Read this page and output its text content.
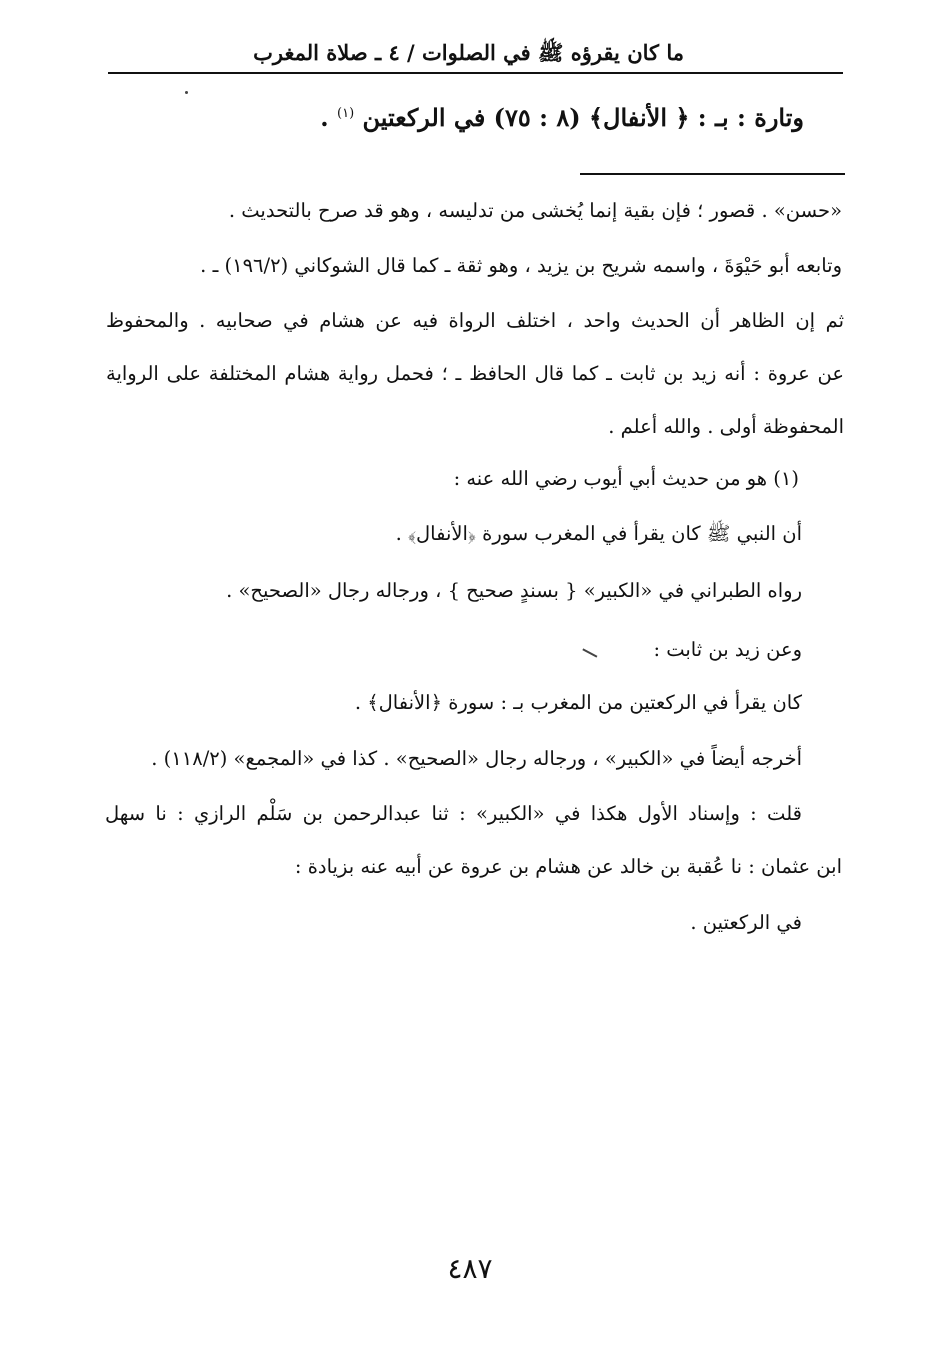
ما كان يقرؤه ﷺ في الصلوات / ٤ ـ صلاة المغرب
وتارة : بـ : ﴿ الأنفال﴾ (٨ : ٧٥) في الركعتين $^{(١)}$ .
«حسن» . قصور ؛ فإن بقية إنما يُخشى من تدليسه ، وهو قد صرح بالتحديث .
وتابعه أبو حَيْوَةَ ، واسمه شريح بن يزيد ، وهو ثقة ـ كما قال الشوكاني (١٩٦/٢) ـ .
ثم إن الظاهر أن الحديث واحد ، اختلف الرواة فيه عن هشام في صحابيه . والمحفوظ
عن عروة : أنه زيد بن ثابت ـ كما قال الحافظ ـ ؛ فحمل رواية هشام المختلفة على الرواية
المحفوظة أولى . والله أعلم .
(١) هو من حديث أبي أيوب رضي الله عنه :
أن النبي ﷺ كان يقرأ في المغرب سورة ﴿الأنفال﴾ .
رواه الطبراني في «الكبير» { بسندٍ صحيح } ، ورجاله رجال «الصحيح» .
وعن زيد بن ثابت :
كان يقرأ في الركعتين من المغرب بـ : سورة ﴿الأنفال﴾ .
أخرجه أيضاً في «الكبير» ، ورجاله رجال «الصحيح» . كذا في «المجمع» (١١٨/٢) .
قلت : وإسناد الأول هكذا في «الكبير» : ثنا عبدالرحمن بن سَلْم الرازي : نا سهل
ابن عثمان : نا عُقبة بن خالد عن هشام بن عروة عن أبيه عنه بزيادة :
في الركعتين .
٤٨٧
